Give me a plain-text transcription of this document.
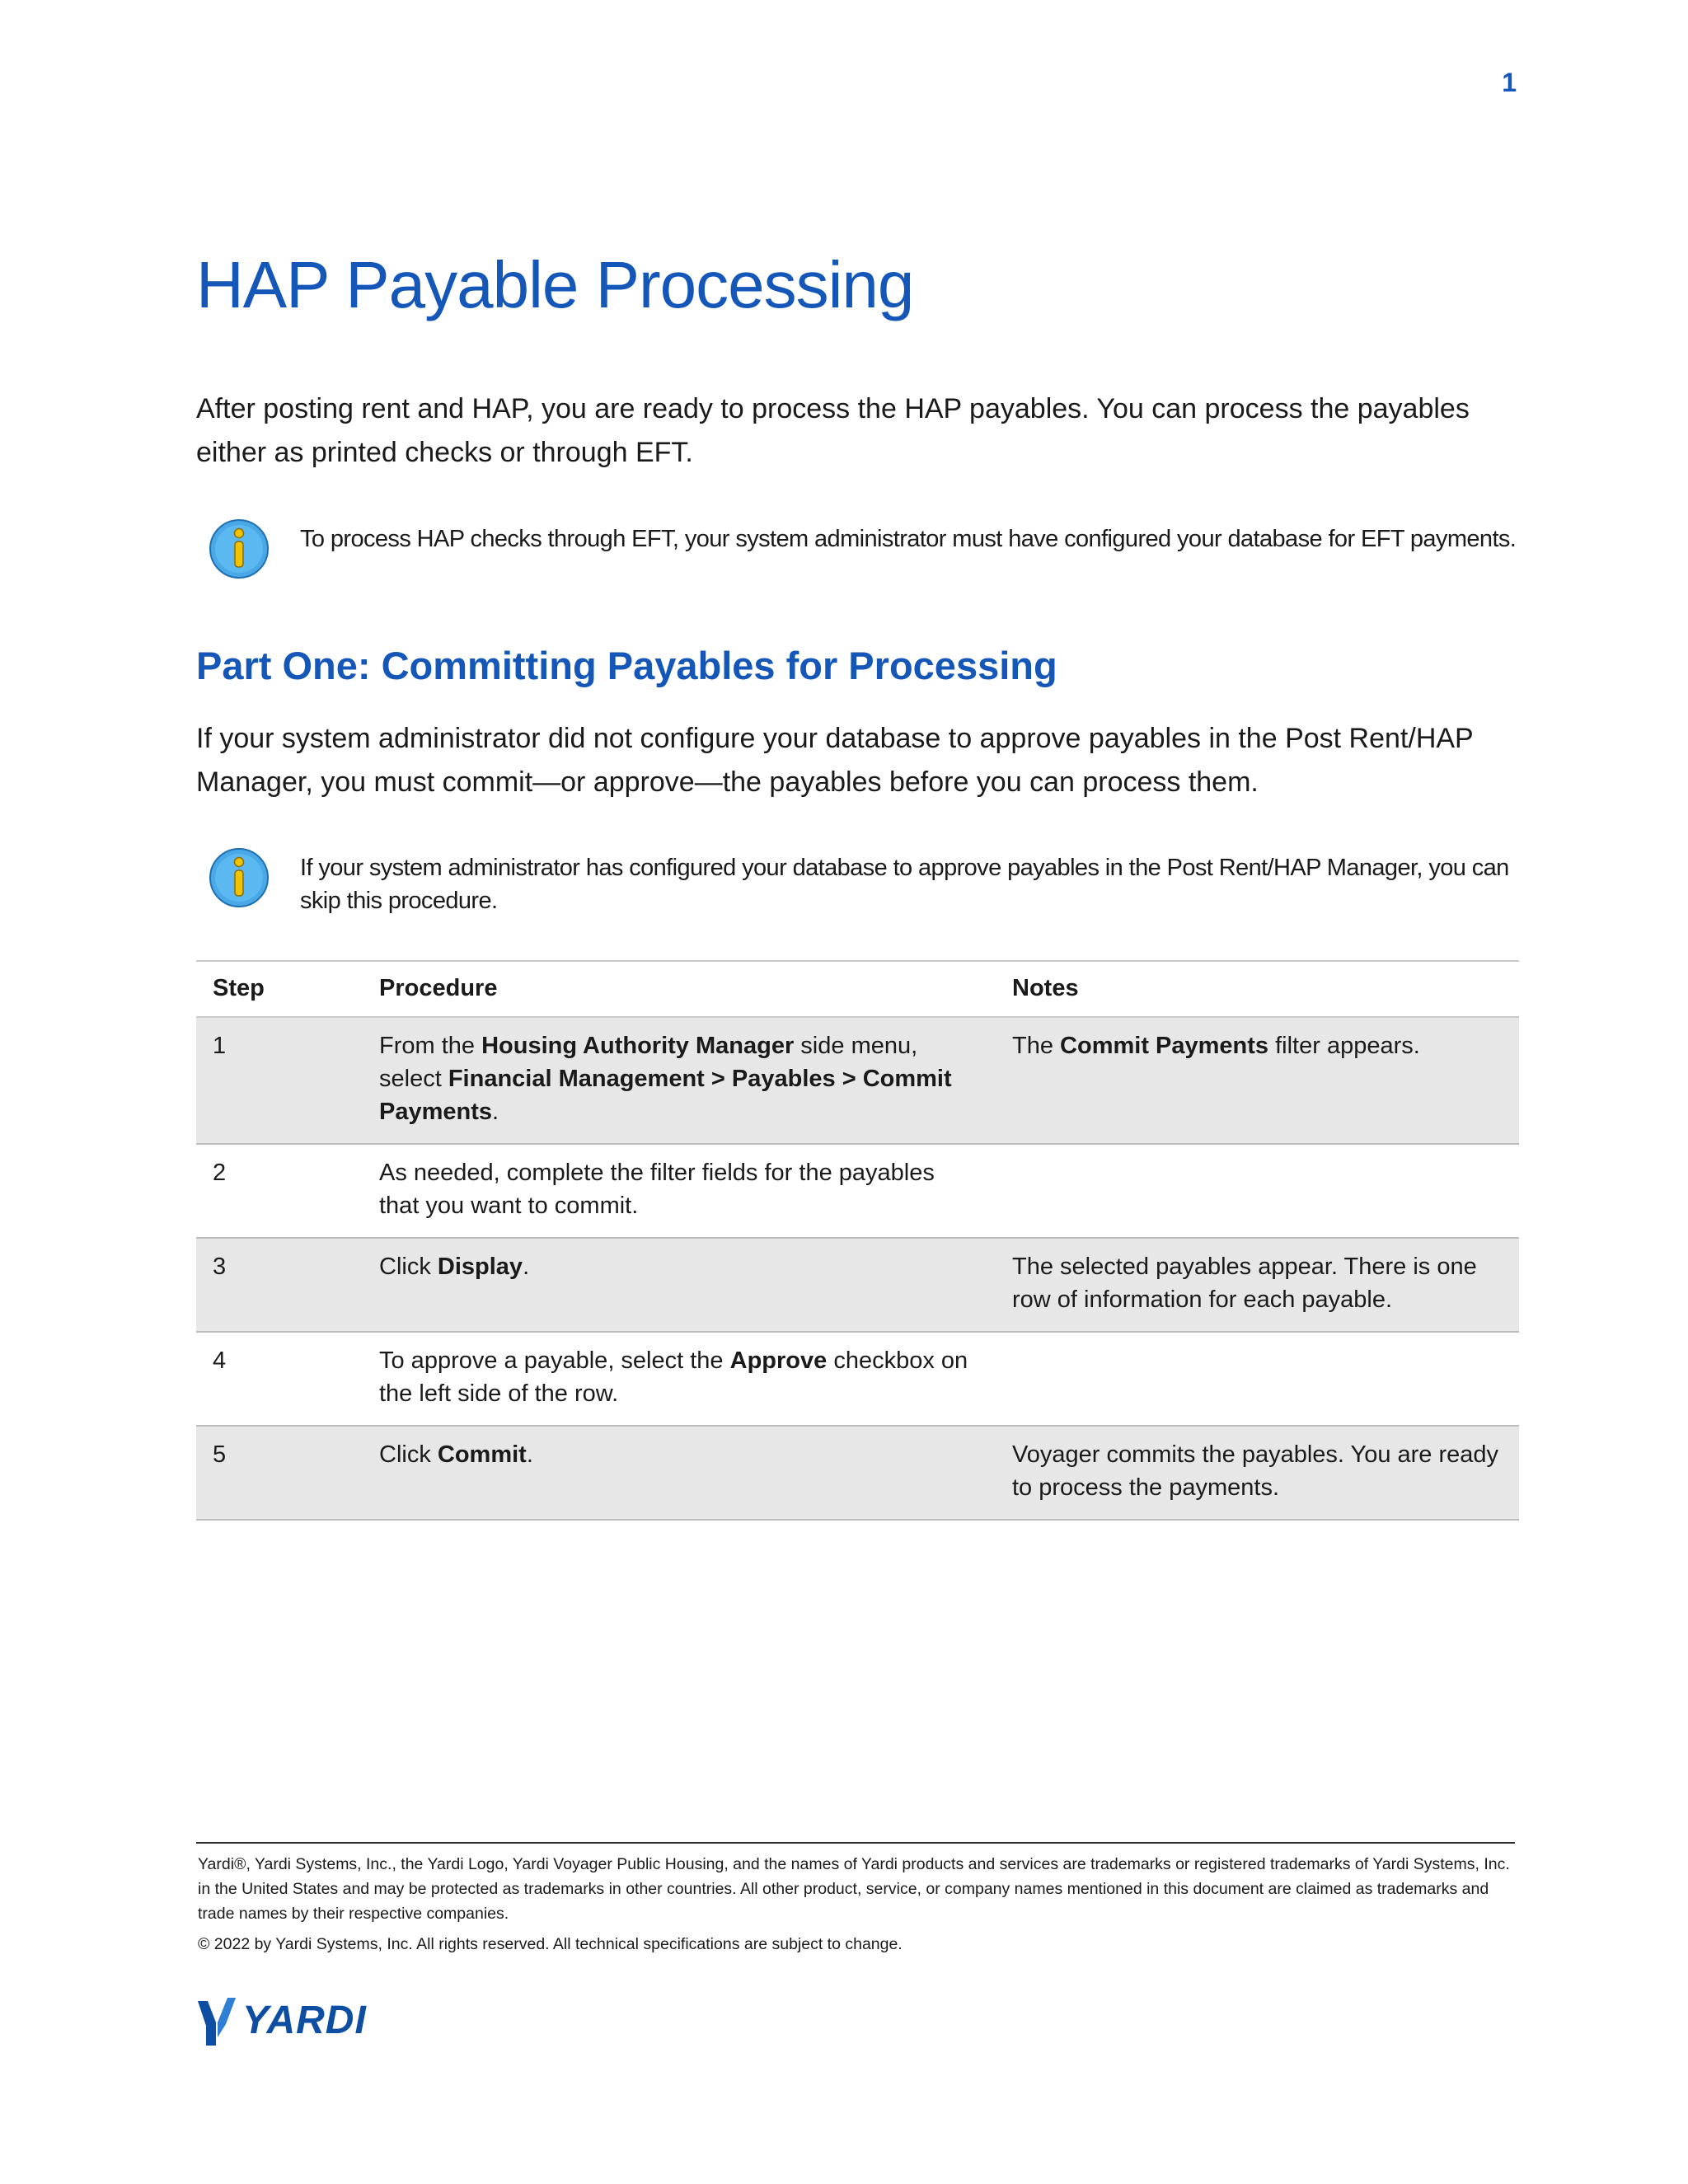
1
HAP Payable Processing

After posting rent and HAP, you are ready to process the HAP payables. You can process the payables either as printed checks or through EFT.

To process HAP checks through EFT, your system administrator must have configured your database for EFT payments.
Part One: Committing Payables for Processing

If your system administrator did not configure your database to approve payables in the Post Rent/HAP Manager, you must commit—or approve—the payables before you can process them.

If your system administrator has configured your database to approve payables in the Post Rent/HAP Manager, you can skip this procedure.
Step	Procedure	Notes
1	From the Housing Authority Manager side menu, select Financial Management > Payables > Commit Payments.	The Commit Payments filter appears.
2	As needed, complete the filter fields for the payables that you want to commit.	
3	Click Display.	The selected payables appear. There is one row of information for each payable.
4	To approve a payable, select the Approve checkbox on the left side of the row.	
5	Click Commit.	Voyager commits the payables. You are ready to process the payments.

Yardi®, Yardi Systems, Inc., the Yardi Logo, Yardi Voyager Public Housing, and the names of Yardi products and services are trademarks or registered trademarks of Yardi Systems, Inc. in the United States and may be protected as trademarks in other countries. All other product, service, or company names mentioned in this document are claimed as trademarks and trade names by their respective companies.

© 2022 by Yardi Systems, Inc. All rights reserved. All technical specifications are subject to change.

YARDI
